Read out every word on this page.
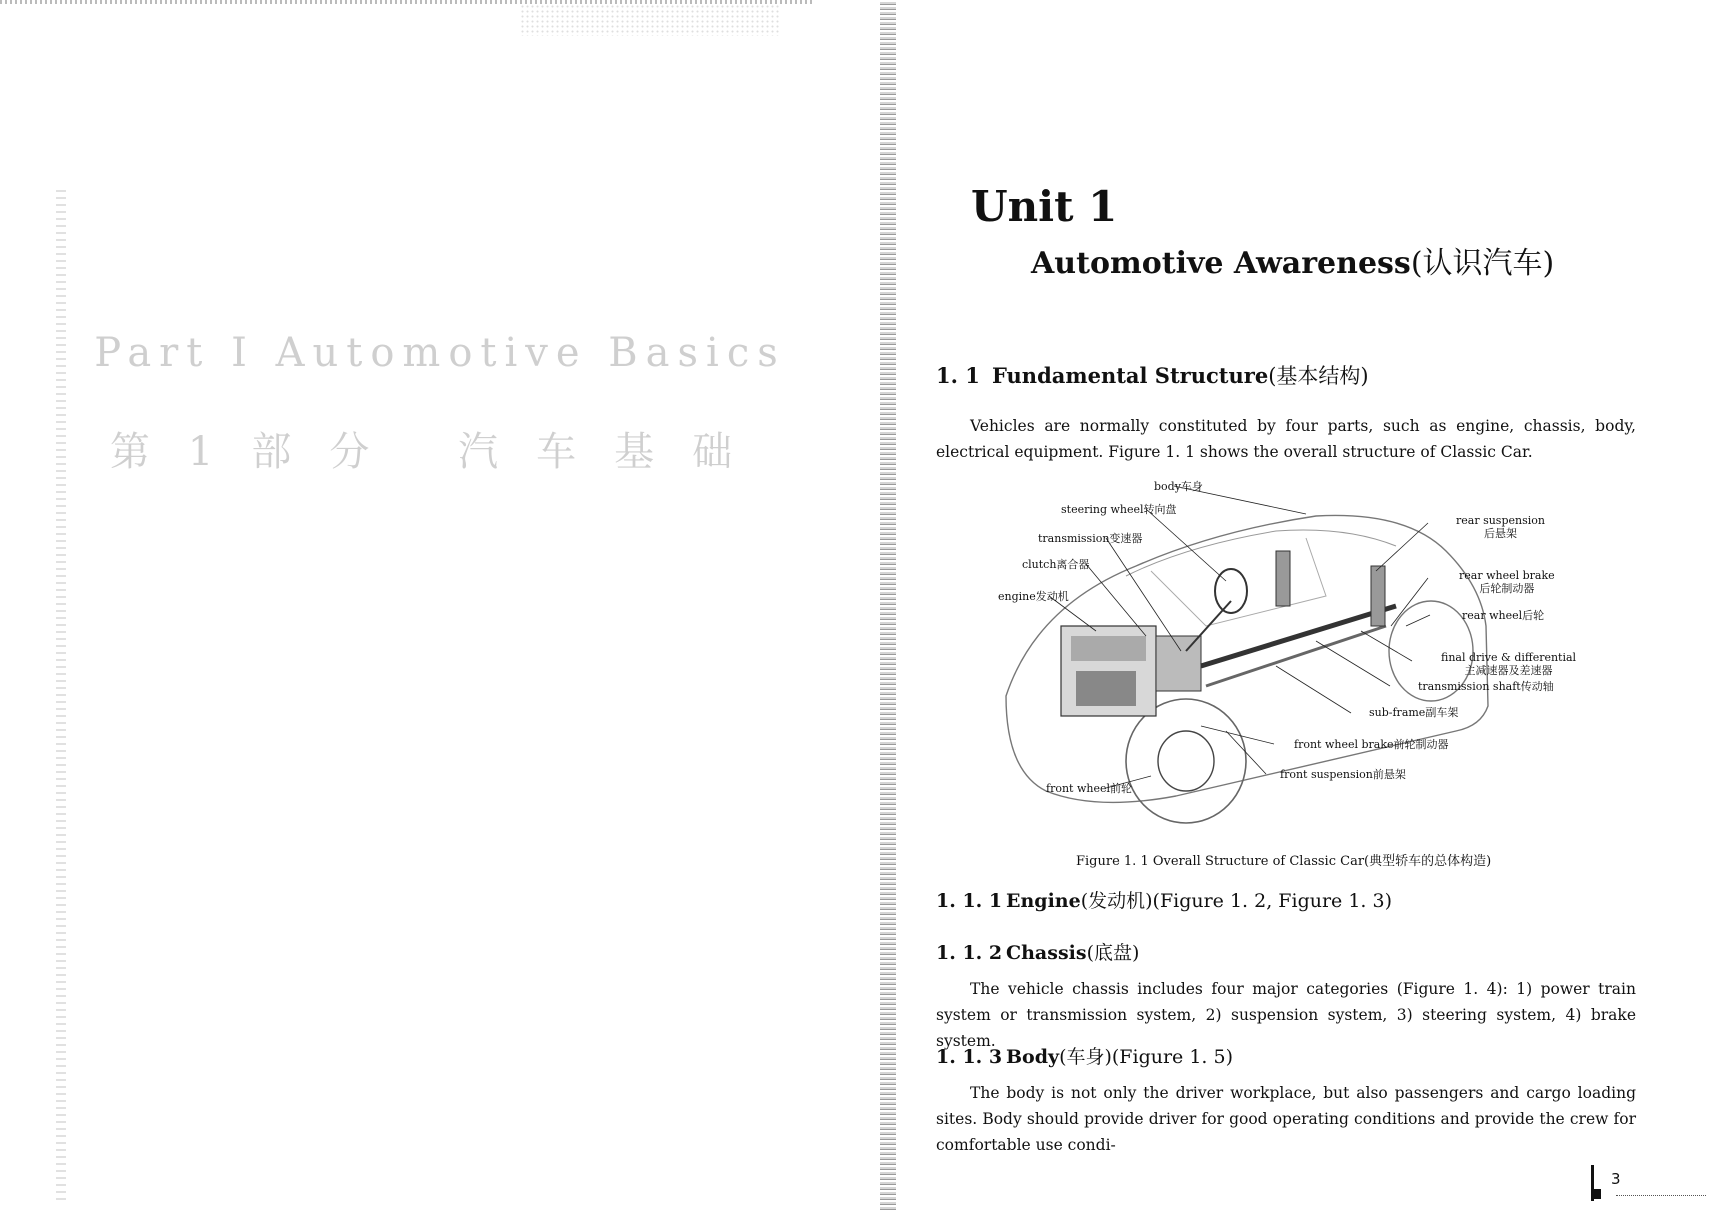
Part I Automotive Basics
第1部分 汽车基础
Unit 1
Automotive Awareness(认识汽车)
1. 1 Fundamental Structure(基本结构)
Vehicles are normally constituted by four parts, such as engine, chassis, body, electrical equipment. Figure 1. 1 shows the overall structure of Classic Car.
body车身
steering wheel转向盘
transmission变速器
clutch离合器
engine发动机
rear suspension
后悬架
rear wheel brake
后轮制动器
rear wheel后轮
final drive & differential
主减速器及差速器
transmission shaft传动轴
sub-frame副车架
front wheel brake前轮制动器
front suspension前悬架
front wheel前轮
Figure 1. 1 Overall Structure of Classic Car(典型轿车的总体构造)
1. 1. 1 Engine(发动机)(Figure 1. 2, Figure 1. 3)
1. 1. 2 Chassis(底盘)
The vehicle chassis includes four major categories (Figure 1. 4): 1) power train system or transmission system, 2) suspension system, 3) steering system, 4) brake system.
1. 1. 3 Body(车身)(Figure 1. 5)
The body is not only the driver workplace, but also passengers and cargo loading sites. Body should provide driver for good operating conditions and provide the crew for comfortable use condi-
3
